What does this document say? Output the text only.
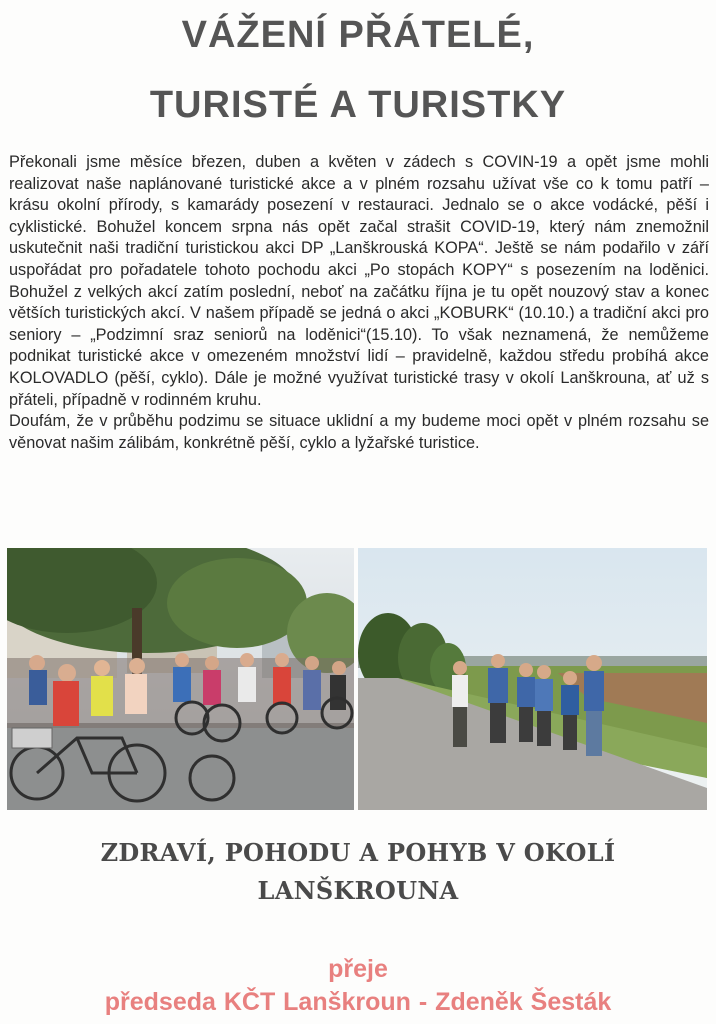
VÁŽENÍ PŘÁTELÉ,
TURISTÉ A TURISTKY

Překonali jsme měsíce březen, duben a květen v zádech s COVIN-19 a opět jsme mohli realizovat naše naplánované turistické akce a v plném rozsahu užívat vše co k tomu patří – krásu okolní přírody, s kamarády posezení v restauraci. Jednalo se o akce vodácké, pěší i cyklistické. Bohužel koncem srpna nás opět začal strašit COVID-19, který nám znemožnil uskutečnit naši tradiční turistickou akci DP „Lanškrouská KOPA“. Ještě se nám podařilo v září uspořádat pro pořadatele tohoto pochodu akci „Po stopách KOPY“ s posezením na loděnici. Bohužel z velkých akcí zatím poslední, neboť na začátku října je tu opět nouzový stav a konec větších turistických akcí. V našem případě se jedná o akci „KOBURK“ (10.10.) a tradiční akci pro seniory – „Podzimní sraz seniorů na loděnici“(15.10). To však neznamená, že nemůžeme podnikat turistické akce v omezeném množství lidí – pravidelně, každou středu probíhá akce KOLOVADLO (pěší, cyklo). Dále je možné využívat turistické trasy v okolí Lanškrouna, ať už s přáteli, případně v rodinném kruhu.

Doufám, že v průběhu podzimu se situace uklidní a my budeme moci opět v plném rozsahu se věnovat našim zálibám, konkrétně pěší, cyklo a lyžařské turistice.

ZDRAVÍ, POHODU A POHYB V OKOLÍ
LANŠKROUNA

přeje

předseda KČT Lanškroun - Zdeněk Šesták
